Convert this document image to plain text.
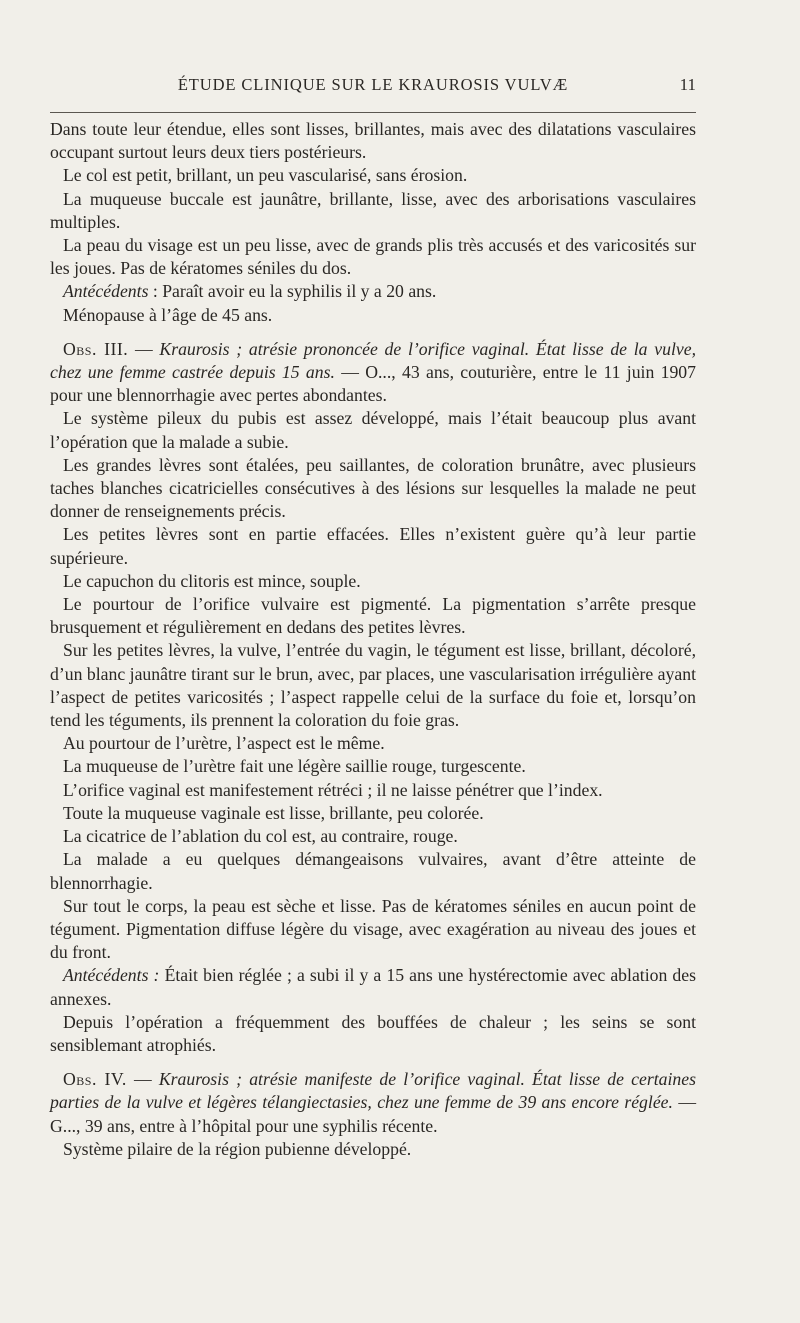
ÉTUDE CLINIQUE SUR LE KRAUROSIS VULVÆ	11

Dans toute leur étendue, elles sont lisses, brillantes, mais avec des dilatations vasculaires occupant surtout leurs deux tiers postérieurs.

Le col est petit, brillant, un peu vascularisé, sans érosion.

La muqueuse buccale est jaunâtre, brillante, lisse, avec des arborisations vasculaires multiples.

La peau du visage est un peu lisse, avec de grands plis très accusés et des varicosités sur les joues. Pas de kératomes séniles du dos.

Antécédents : Paraît avoir eu la syphilis il y a 20 ans.

Ménopause à l’âge de 45 ans.

Obs. III. — Kraurosis ; atrésie prononcée de l’orifice vaginal. État lisse de la vulve, chez une femme castrée depuis 15 ans. — O..., 43 ans, couturière, entre le 11 juin 1907 pour une blennorrhagie avec pertes abondantes.

Le système pileux du pubis est assez développé, mais l’était beaucoup plus avant l’opération que la malade a subie.

Les grandes lèvres sont étalées, peu saillantes, de coloration brunâtre, avec plusieurs taches blanches cicatricielles consécutives à des lésions sur lesquelles la malade ne peut donner de renseignements précis.

Les petites lèvres sont en partie effacées. Elles n’existent guère qu’à leur partie supérieure.

Le capuchon du clitoris est mince, souple.

Le pourtour de l’orifice vulvaire est pigmenté. La pigmentation s’arrête presque brusquement et régulièrement en dedans des petites lèvres.

Sur les petites lèvres, la vulve, l’entrée du vagin, le tégument est lisse, brillant, décoloré, d’un blanc jaunâtre tirant sur le brun, avec, par places, une vascularisation irrégulière ayant l’aspect de petites varicosités ; l’aspect rappelle celui de la surface du foie et, lorsqu’on tend les téguments, ils prennent la coloration du foie gras.

Au pourtour de l’urètre, l’aspect est le même.

La muqueuse de l’urètre fait une légère saillie rouge, turgescente.

L’orifice vaginal est manifestement rétréci ; il ne laisse pénétrer que l’index.

Toute la muqueuse vaginale est lisse, brillante, peu colorée.

La cicatrice de l’ablation du col est, au contraire, rouge.

La malade a eu quelques démangeaisons vulvaires, avant d’être atteinte de blennorrhagie.

Sur tout le corps, la peau est sèche et lisse. Pas de kératomes séniles en aucun point de tégument. Pigmentation diffuse légère du visage, avec exagération au niveau des joues et du front.

Antécédents : Était bien réglée ; a subi il y a 15 ans une hystérectomie avec ablation des annexes.

Depuis l’opération a fréquemment des bouffées de chaleur ; les seins se sont sensiblemant atrophiés.

Obs. IV. — Kraurosis ; atrésie manifeste de l’orifice vaginal. État lisse de certaines parties de la vulve et légères télangiectasies, chez une femme de 39 ans encore réglée. — G..., 39 ans, entre à l’hôpital pour une syphilis récente.

Système pilaire de la région pubienne développé.
